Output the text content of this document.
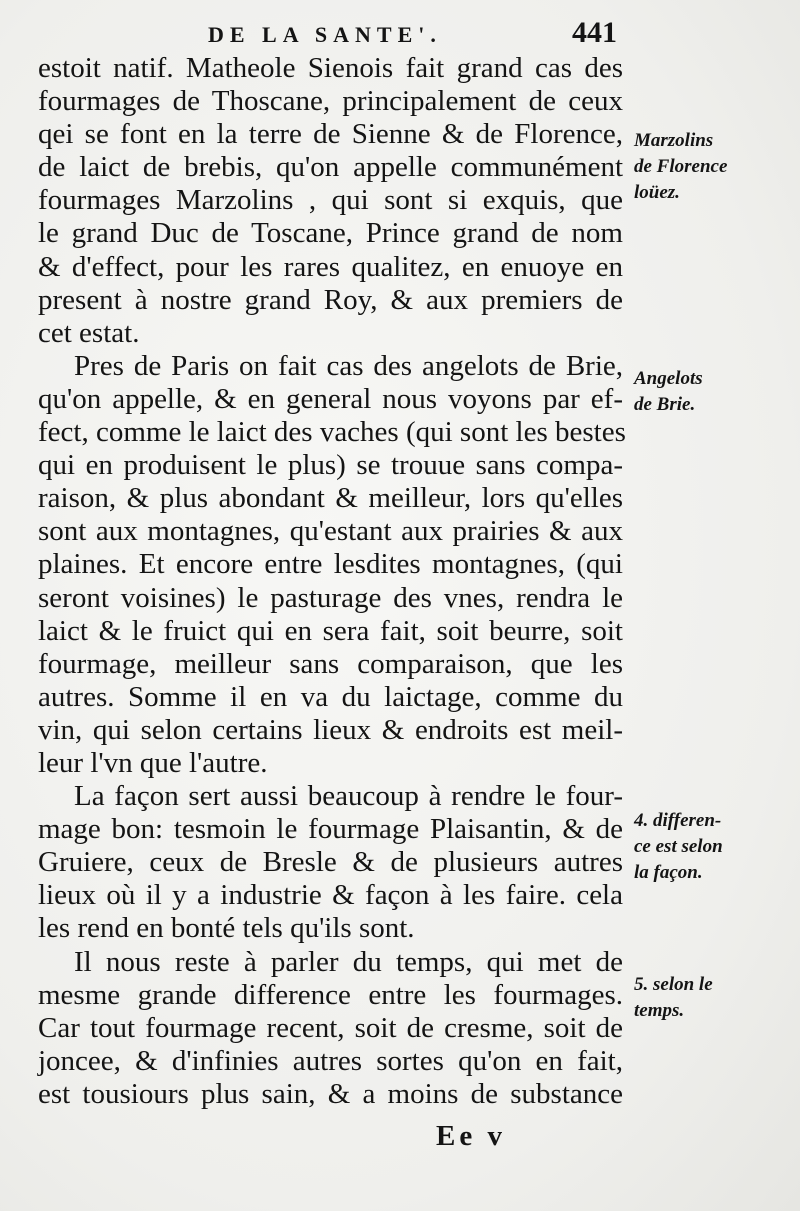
DE LA SANTE'.	441
estoit natif. Matheole Sienois fait grand cas des
fourmages de Thoscane, principalement de ceux
qei se font en la terre de Sienne & de Florence,
de laict de brebis, qu'on appelle communément
fourmages Marzolins , qui sont si exquis, que
le grand Duc de Toscane, Prince grand de nom
& d'effect, pour les rares qualitez, en enuoye en
present à nostre grand Roy, & aux premiers de
cet estat.
Pres de Paris on fait cas des angelots de Brie,
qu'on appelle, & en general nous voyons par ef-
fect, comme le laict des vaches (qui sont les bestes
qui en produisent le plus) se trouue sans compa-
raison, & plus abondant & meilleur, lors qu'elles
sont aux montagnes, qu'estant aux prairies & aux
plaines. Et encore entre lesdites montagnes, (qui
seront voisines) le pasturage des vnes, rendra le
laict & le fruict qui en sera fait, soit beurre, soit
fourmage, meilleur sans comparaison, que les
autres. Somme il en va du laictage, comme du
vin, qui selon certains lieux & endroits est meil-
leur l'vn que l'autre.
La façon sert aussi beaucoup à rendre le four-
mage bon: tesmoin le fourmage Plaisantin, & de
Gruiere, ceux de Bresle & de plusieurs autres
lieux où il y a industrie & façon à les faire. cela
les rend en bonté tels qu'ils sont.
Il nous reste à parler du temps, qui met de
mesme grande difference entre les fourmages.
Car tout fourmage recent, soit de cresme, soit de
joncee, & d'infinies autres sortes qu'on en fait,
est tousiours plus sain, & a moins de substance
Marzolins
de Florence
loüez.
Angelots
de Brie.
4. differen-
ce est selon
la façon.
5. selon le
temps.
Ee v
